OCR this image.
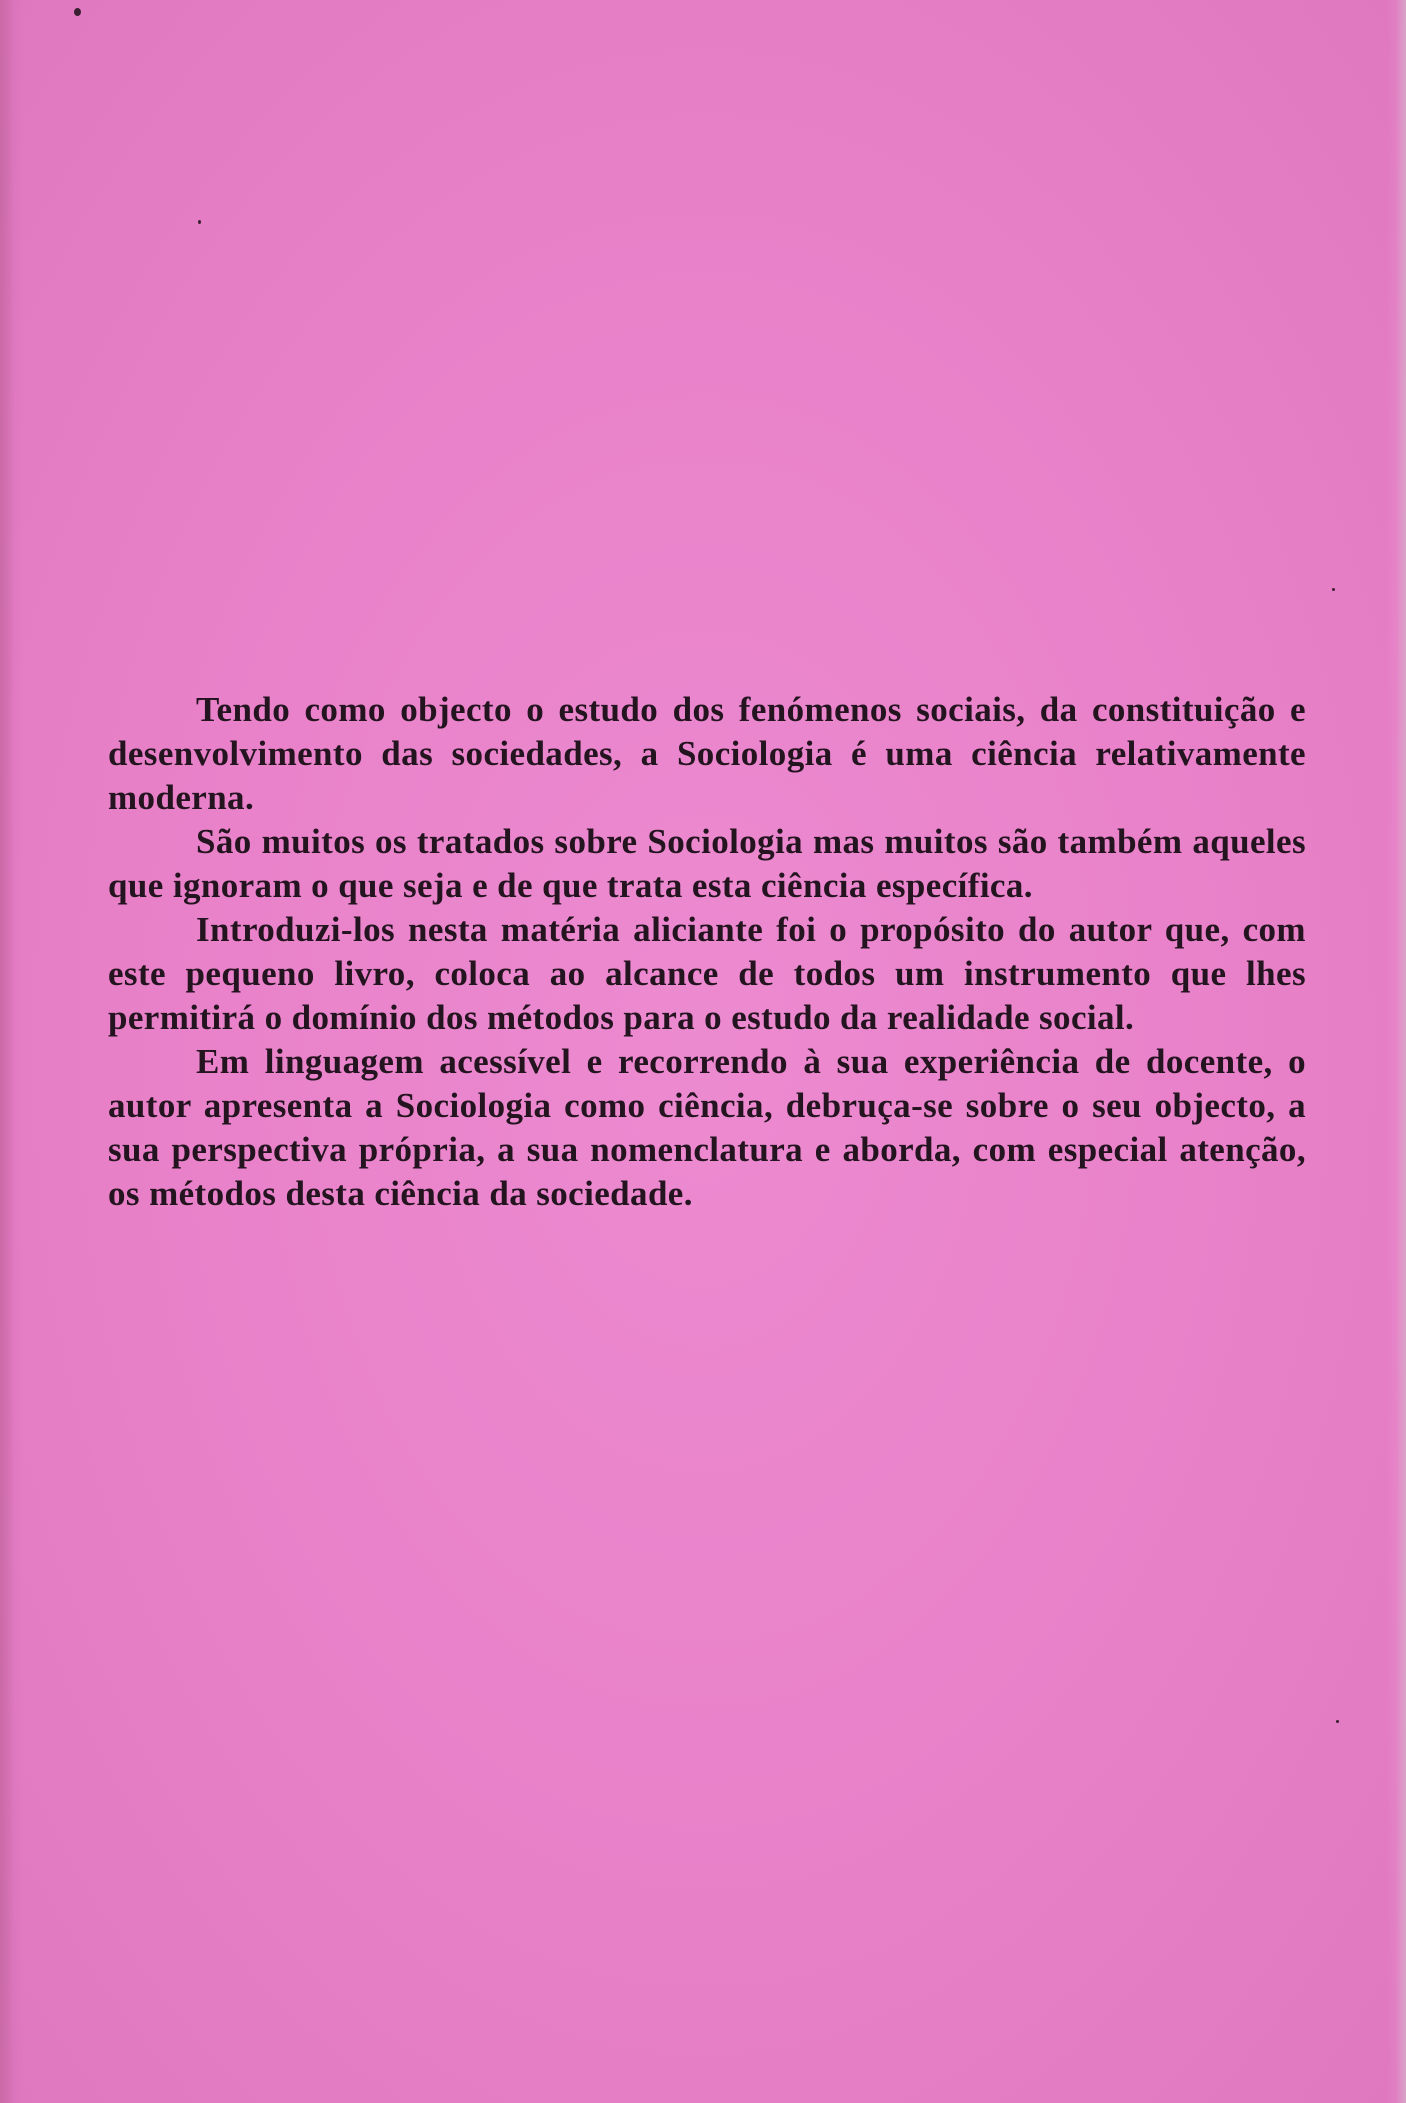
Tendo como objecto o estudo dos fenómenos sociais, da constituição e desenvolvimento das sociedades, a Sociologia é uma ciência relativamente moderna.

São muitos os tratados sobre Sociologia mas muitos são também aqueles que ignoram o que seja e de que trata esta ciência específica.

Introduzi-los nesta matéria aliciante foi o propósito do autor que, com este pequeno livro, coloca ao alcance de todos um instrumento que lhes permitirá o domínio dos métodos para o estudo da realidade social.

Em linguagem acessível e recorrendo à sua experiência de docente, o autor apresenta a Sociologia como ciência, debruça-se sobre o seu objecto, a sua perspectiva própria, a sua nomenclatura e aborda, com especial atenção, os métodos desta ciência da sociedade.
